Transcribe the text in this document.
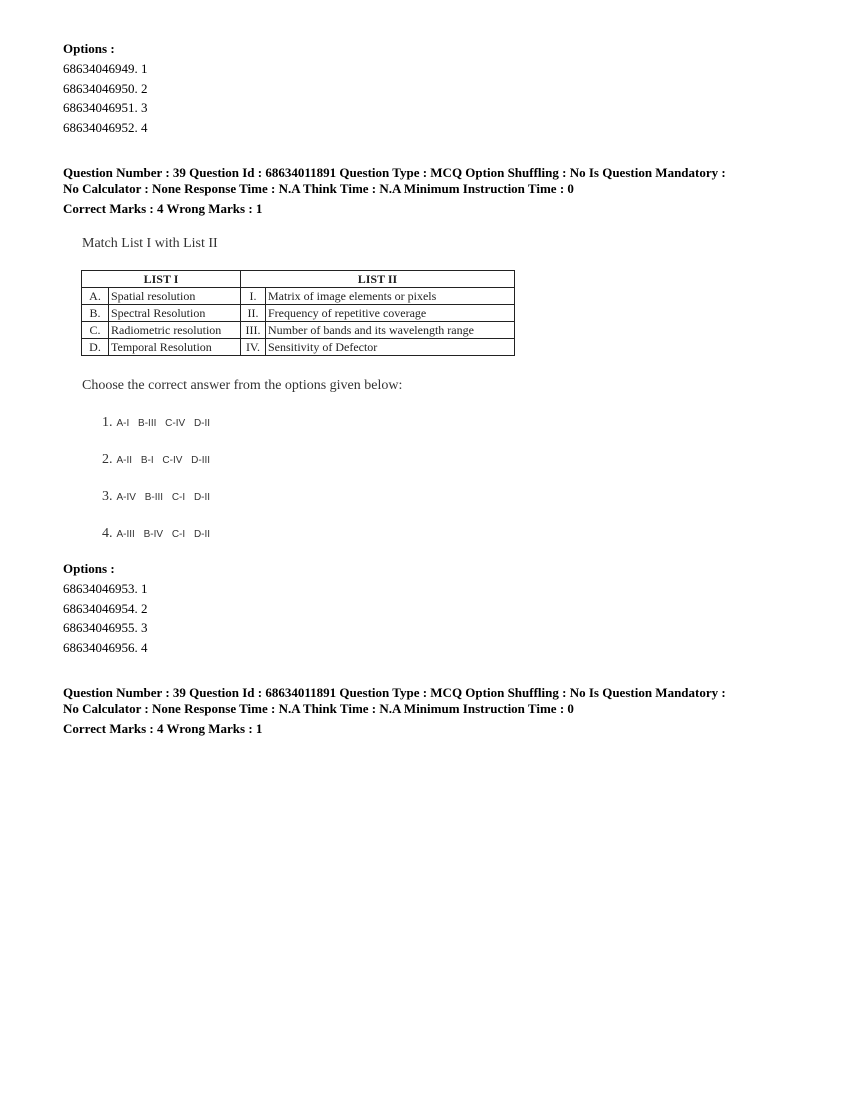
Options :
68634046949. 1
68634046950. 2
68634046951. 3
68634046952. 4
Question Number : 39 Question Id : 68634011891 Question Type : MCQ Option Shuffling : No Is Question Mandatory :
No Calculator : None Response Time : N.A Think Time : N.A Minimum Instruction Time : 0
Correct Marks : 4 Wrong Marks : 1
Match List I with List II
LIST I		LIST II	
A.	Spatial resolution	I.	Matrix of image elements or pixels
B.	Spectral Resolution	II.	Frequency of repetitive coverage
C.	Radiometric resolution	III.	Number of bands and its wavelength range
D.	Temporal Resolution	IV.	Sensitivity of Defector
Choose the correct answer from the options given below:
1. A-I B-III C-IV D-II
2. A-II B-I C-IV D-III
3. A-IV B-III C-I D-II
4. A-III B-IV C-I D-II
Options :
68634046953. 1
68634046954. 2
68634046955. 3
68634046956. 4
Question Number : 39 Question Id : 68634011891 Question Type : MCQ Option Shuffling : No Is Question Mandatory :
No Calculator : None Response Time : N.A Think Time : N.A Minimum Instruction Time : 0
Correct Marks : 4 Wrong Marks : 1
